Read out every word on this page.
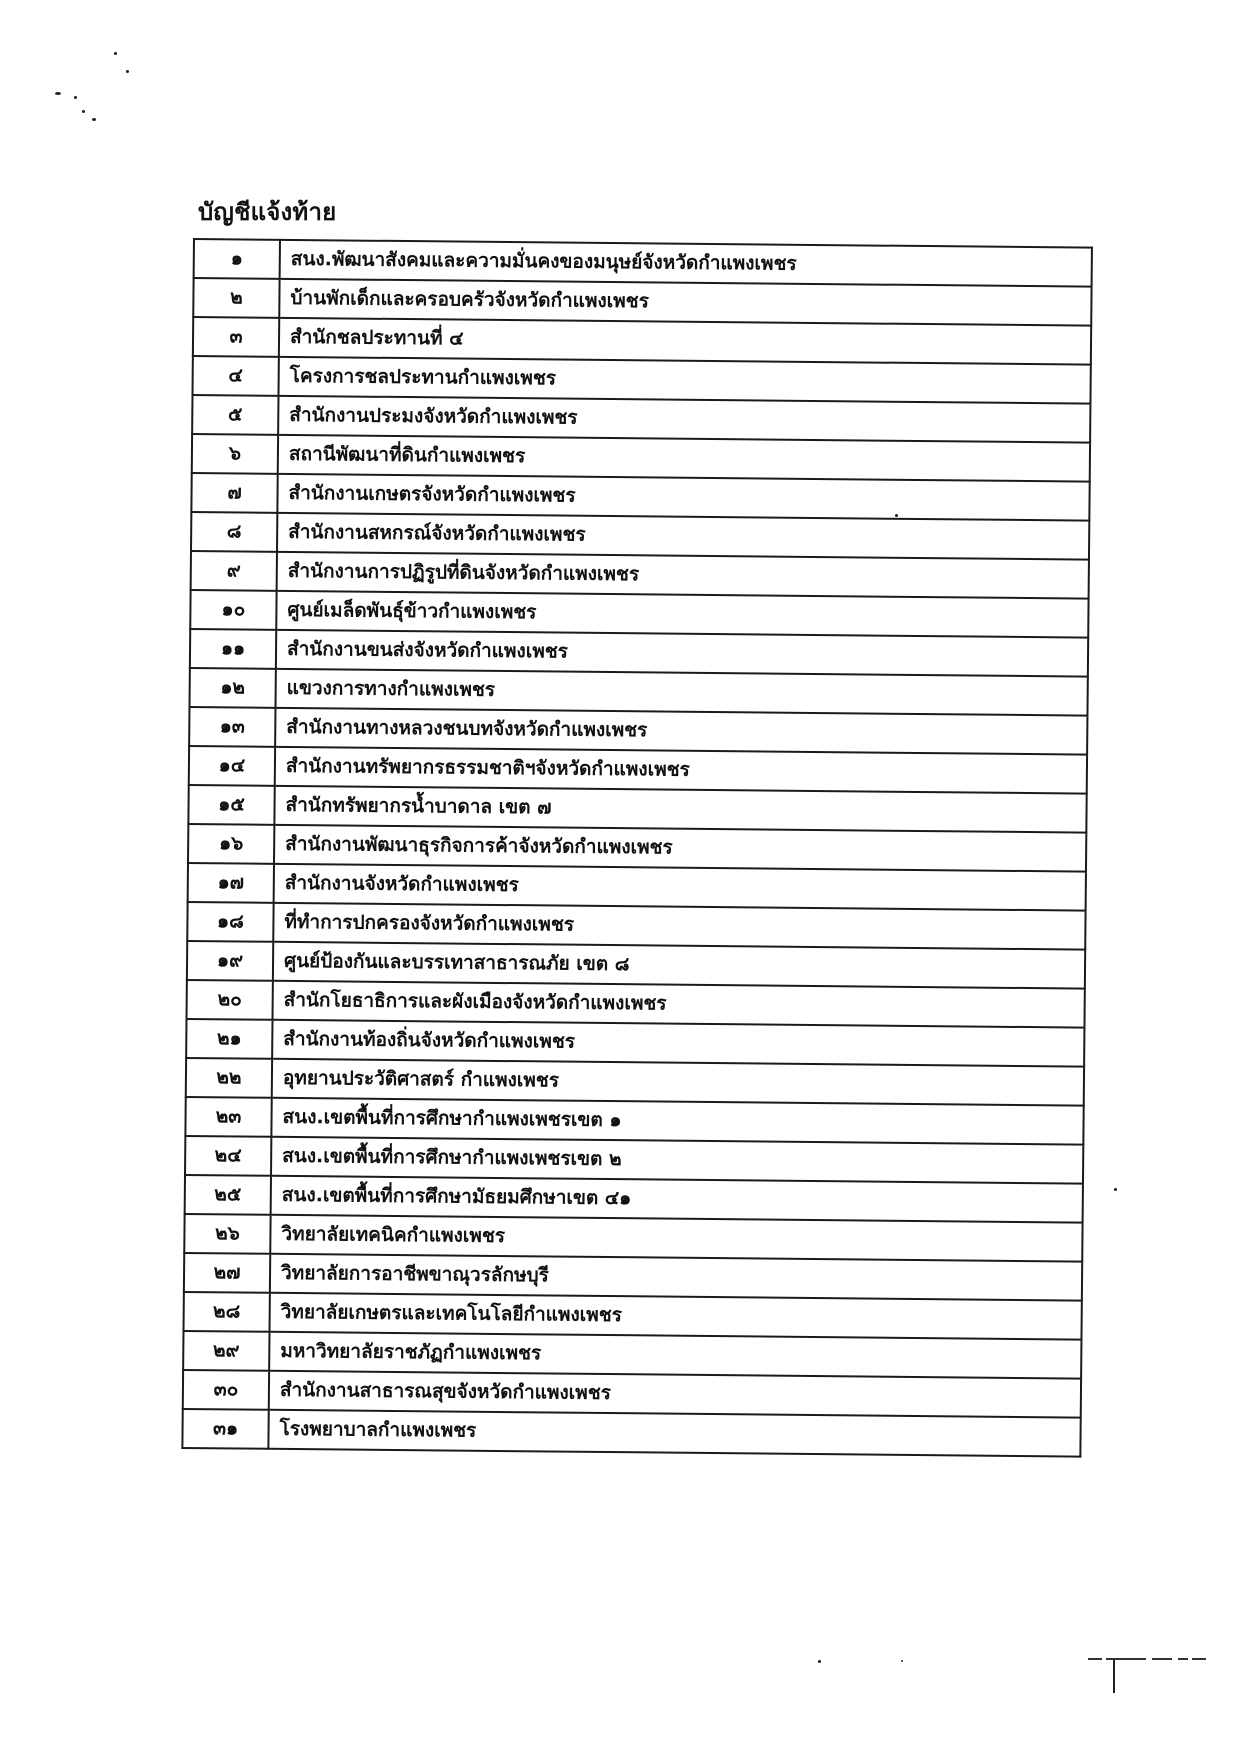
บัญชีแจ้งท้าย
๑	สนง.พัฒนาสังคมและความมั่นคงของมนุษย์จังหวัดกำแพงเพชร
๒	บ้านพักเด็กและครอบครัวจังหวัดกำแพงเพชร
๓	สำนักชลประทานที่ ๔
๔	โครงการชลประทานกำแพงเพชร
๕	สำนักงานประมงจังหวัดกำแพงเพชร
๖	สถานีพัฒนาที่ดินกำแพงเพชร
๗	สำนักงานเกษตรจังหวัดกำแพงเพชร
๘	สำนักงานสหกรณ์จังหวัดกำแพงเพชร
๙	สำนักงานการปฏิรูปที่ดินจังหวัดกำแพงเพชร
๑๐	ศูนย์เมล็ดพันธุ์ข้าวกำแพงเพชร
๑๑	สำนักงานขนส่งจังหวัดกำแพงเพชร
๑๒	แขวงการทางกำแพงเพชร
๑๓	สำนักงานทางหลวงชนบทจังหวัดกำแพงเพชร
๑๔	สำนักงานทรัพยากรธรรมชาติฯจังหวัดกำแพงเพชร
๑๕	สำนักทรัพยากรน้ำบาดาล เขต ๗
๑๖	สำนักงานพัฒนาธุรกิจการค้าจังหวัดกำแพงเพชร
๑๗	สำนักงานจังหวัดกำแพงเพชร
๑๘	ที่ทำการปกครองจังหวัดกำแพงเพชร
๑๙	ศูนย์ป้องกันและบรรเทาสาธารณภัย เขต ๘
๒๐	สำนักโยธาธิการและผังเมืองจังหวัดกำแพงเพชร
๒๑	สำนักงานท้องถิ่นจังหวัดกำแพงเพชร
๒๒	อุทยานประวัติศาสตร์ กำแพงเพชร
๒๓	สนง.เขตพื้นที่การศึกษากำแพงเพชรเขต ๑
๒๔	สนง.เขตพื้นที่การศึกษากำแพงเพชรเขต ๒
๒๕	สนง.เขตพื้นที่การศึกษามัธยมศึกษาเขต ๔๑
๒๖	วิทยาลัยเทคนิคกำแพงเพชร
๒๗	วิทยาลัยการอาชีพขาณุวรลักษบุรี
๒๘	วิทยาลัยเกษตรและเทคโนโลยีกำแพงเพชร
๒๙	มหาวิทยาลัยราชภัฏกำแพงเพชร
๓๐	สำนักงานสาธารณสุขจังหวัดกำแพงเพชร
๓๑	โรงพยาบาลกำแพงเพชร
